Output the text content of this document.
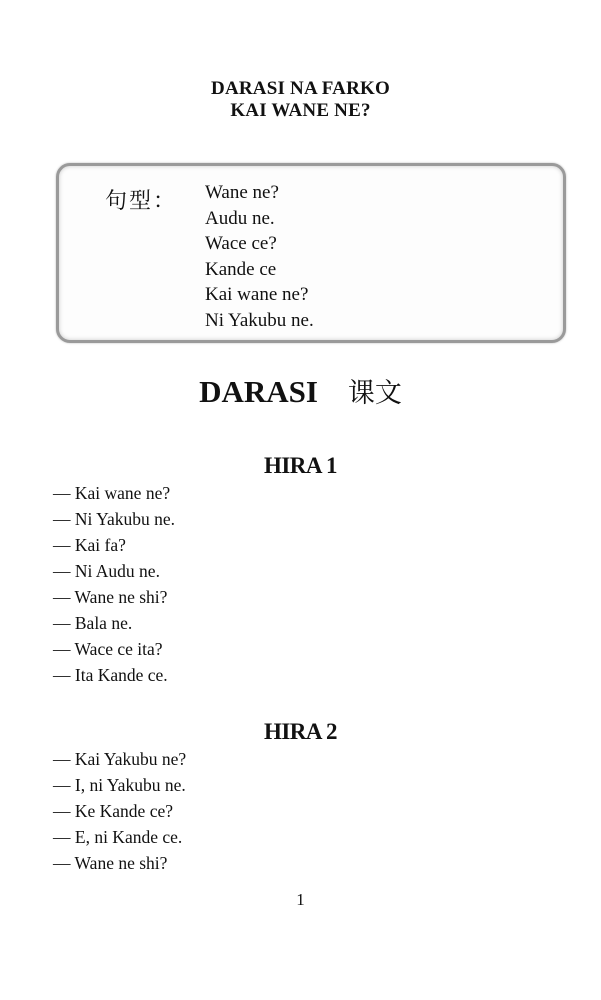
DARASI NA FARKO
KAI WANE NE?
句型： Wane ne?
Audu ne.
Wace ce?
Kande ce
Kai wane ne?
Ni Yakubu ne.
DARASI 课文
HIRA 1
— Kai wane ne?
— Ni Yakubu ne.
— Kai fa?
— Ni Audu ne.
— Wane ne shi?
— Bala ne.
— Wace ce ita?
— Ita Kande ce.
HIRA 2
— Kai Yakubu ne?
— I, ni Yakubu ne.
— Ke Kande ce?
— E, ni Kande ce.
— Wane ne shi?
1
